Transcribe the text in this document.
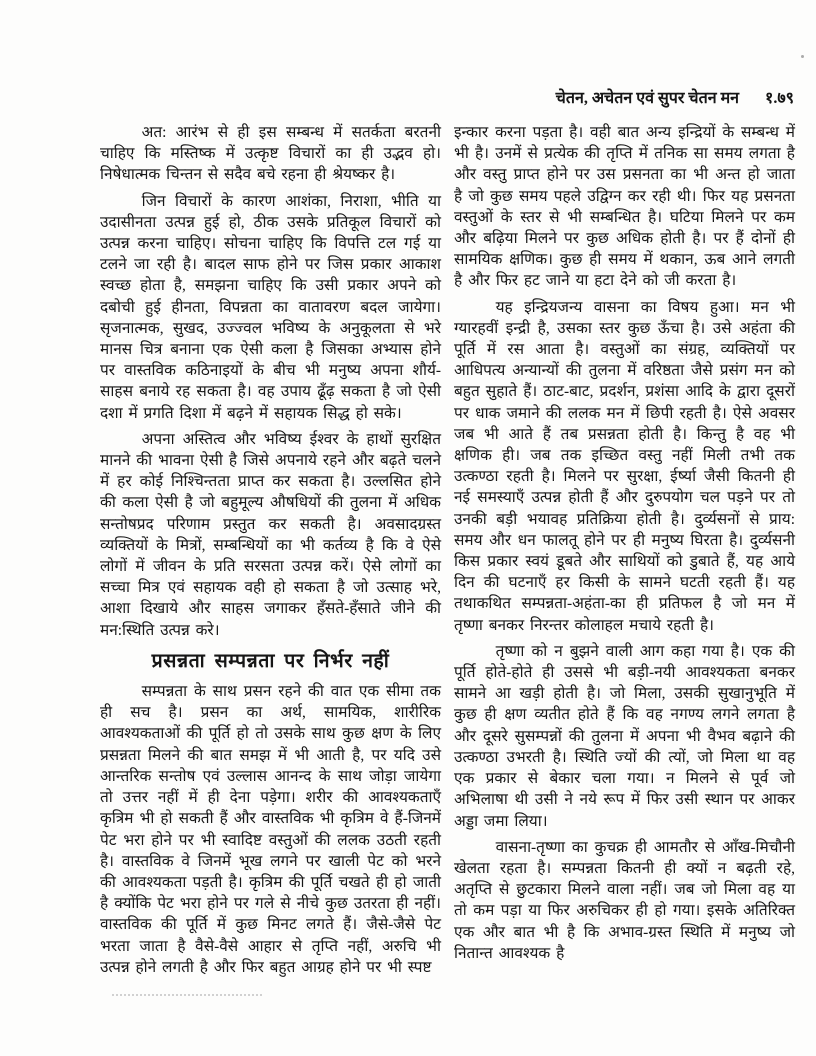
चेतन, अचेतन एवं सुपर चेतन मन १.७९

अत: आरंभ से ही इस सम्बन्ध में सतर्कता बरतनी चाहिए कि मस्तिष्क में उत्कृष्ट विचारों का ही उद्भव हो। निषेधात्मक चिन्तन से सदैव बचे रहना ही श्रेयष्कर है।

जिन विचारों के कारण आशंका, निराशा, भीति या उदासीनता उत्पन्न हुई हो, ठीक उसके प्रतिकूल विचारों को उत्पन्न करना चाहिए। सोचना चाहिए कि विपत्ति टल गई या टलने जा रही है। बादल साफ होने पर जिस प्रकार आकाश स्वच्छ होता है, समझना चाहिए कि उसी प्रकार अपने को दबोची हुई हीनता, विपन्नता का वातावरण बदल जायेगा। सृजनात्मक, सुखद, उज्ज्वल भविष्य के अनुकूलता से भरे मानस चित्र बनाना एक ऐसी कला है जिसका अभ्यास होने पर वास्तविक कठिनाइयों के बीच भी मनुष्य अपना शौर्य-साहस बनाये रह सकता है। वह उपाय ढूँढ़ सकता है जो ऐसी दशा में प्रगति दिशा में बढ़ने में सहायक सिद्ध हो सके।

अपना अस्तित्व और भविष्य ईश्वर के हाथों सुरक्षित मानने की भावना ऐसी है जिसे अपनाये रहने और बढ़ते चलने में हर कोई निश्चिन्तता प्राप्त कर सकता है। उल्लसित होने की कला ऐसी है जो बहुमूल्य औषधियों की तुलना में अधिक सन्तोषप्रद परिणाम प्रस्तुत कर सकती है। अवसादग्रस्त व्यक्तियों के मित्रों, सम्बन्धियों का भी कर्तव्य है कि वे ऐसे लोगों में जीवन के प्रति सरसता उत्पन्न करें। ऐसे लोगों का सच्चा मित्र एवं सहायक वही हो सकता है जो उत्साह भरे, आशा दिखाये और साहस जगाकर हँसते-हँसाते जीने की मन:स्थिति उत्पन्न करे।

प्रसन्नता सम्पन्नता पर निर्भर नहीं

सम्पन्नता के साथ प्रसन रहने की वात एक सीमा तक ही सच है। प्रसन का अर्थ, सामयिक, शारीरिक आवश्यकताओं की पूर्ति हो तो उसके साथ कुछ क्षण के लिए प्रसन्नता मिलने की बात समझ में भी आती है, पर यदि उसे आन्तरिक सन्तोष एवं उल्लास आनन्द के साथ जोड़ा जायेगा तो उत्तर नहीं में ही देना पड़ेगा। शरीर की आवश्यकताएँ कृत्रिम भी हो सकती हैं और वास्तविक भी कृत्रिम वे हैं-जिनमें पेट भरा होने पर भी स्वादिष्ट वस्तुओं की ललक उठती रहती है। वास्तविक वे जिनमें भूख लगने पर खाली पेट को भरने की आवश्यकता पड़ती है। कृत्रिम की पूर्ति चखते ही हो जाती है क्योंकि पेट भरा होने पर गले से नीचे कुछ उतरता ही नहीं। वास्तविक की पूर्ति में कुछ मिनट लगते हैं। जैसे-जैसे पेट भरता जाता है वैसे-वैसे आहार से तृप्ति नहीं, अरुचि भी उत्पन्न होने लगती है और फिर बहुत आग्रह होने पर भी स्पष्ट

इन्कार करना पड़ता है। वही बात अन्य इन्द्रियों के सम्बन्ध में भी है। उनमें से प्रत्येक की तृप्ति में तनिक सा समय लगता है और वस्तु प्राप्त होने पर उस प्रसनता का भी अन्त हो जाता है जो कुछ समय पहले उद्विग्न कर रही थी। फिर यह प्रसनता वस्तुओं के स्तर से भी सम्बन्धित है। घटिया मिलने पर कम और बढ़िया मिलने पर कुछ अधिक होती है। पर हैं दोनों ही सामयिक क्षणिक। कुछ ही समय में थकान, ऊब आने लगती है और फिर हट जाने या हटा देने को जी करता है।

यह इन्द्रियजन्य वासना का विषय हुआ। मन भी ग्यारहवीं इन्द्री है, उसका स्तर कुछ ऊँचा है। उसे अहंता की पूर्ति में रस आता है। वस्तुओं का संग्रह, व्यक्तियों पर आधिपत्य अन्यान्यों की तुलना में वरिष्ठता जैसे प्रसंग मन को बहुत सुहाते हैं। ठाट-बाट, प्रदर्शन, प्रशंसा आदि के द्वारा दूसरों पर धाक जमाने की ललक मन में छिपी रहती है। ऐसे अवसर जब भी आते हैं तब प्रसन्नता होती है। किन्तु है वह भी क्षणिक ही। जब तक इच्छित वस्तु नहीं मिली तभी तक उत्कण्ठा रहती है। मिलने पर सुरक्षा, ईर्ष्या जैसी कितनी ही नई समस्याएँ उत्पन्न होती हैं और दुरुपयोग चल पड़ने पर तो उनकी बड़ी भयावह प्रतिक्रिया होती है। दुर्व्यसनों से प्राय: समय और धन फालतू होने पर ही मनुष्य घिरता है। दुर्व्यसनी किस प्रकार स्वयं डूबते और साथियों को डुबाते हैं, यह आये दिन की घटनाएँ हर किसी के सामने घटती रहती हैं। यह तथाकथित सम्पन्नता-अहंता-का ही प्रतिफल है जो मन में तृष्णा बनकर निरन्तर कोलाहल मचाये रहती है।

तृष्णा को न बुझने वाली आग कहा गया है। एक की पूर्ति होते-होते ही उससे भी बड़ी-नयी आवश्यकता बनकर सामने आ खड़ी होती है। जो मिला, उसकी सुखानुभूति में कुछ ही क्षण व्यतीत होते हैं कि वह नगण्य लगने लगता है और दूसरे सुसम्पन्नों की तुलना में अपना भी वैभव बढ़ाने की उत्कण्ठा उभरती है। स्थिति ज्यों की त्यों, जो मिला था वह एक प्रकार से बेकार चला गया। न मिलने से पूर्व जो अभिलाषा थी उसी ने नये रूप में फिर उसी स्थान पर आकर अड्डा जमा लिया।

वासना-तृष्णा का कुचक्र ही आमतौर से आँख-मिचौनी खेलता रहता है। सम्पन्नता कितनी ही क्यों न बढ़ती रहे, अतृप्ति से छुटकारा मिलने वाला नहीं। जब जो मिला वह या तो कम पड़ा या फिर अरुचिकर ही हो गया। इसके अतिरिक्त एक और बात भी है कि अभाव-ग्रस्त स्थिति में मनुष्य जो नितान्त आवश्यक है
